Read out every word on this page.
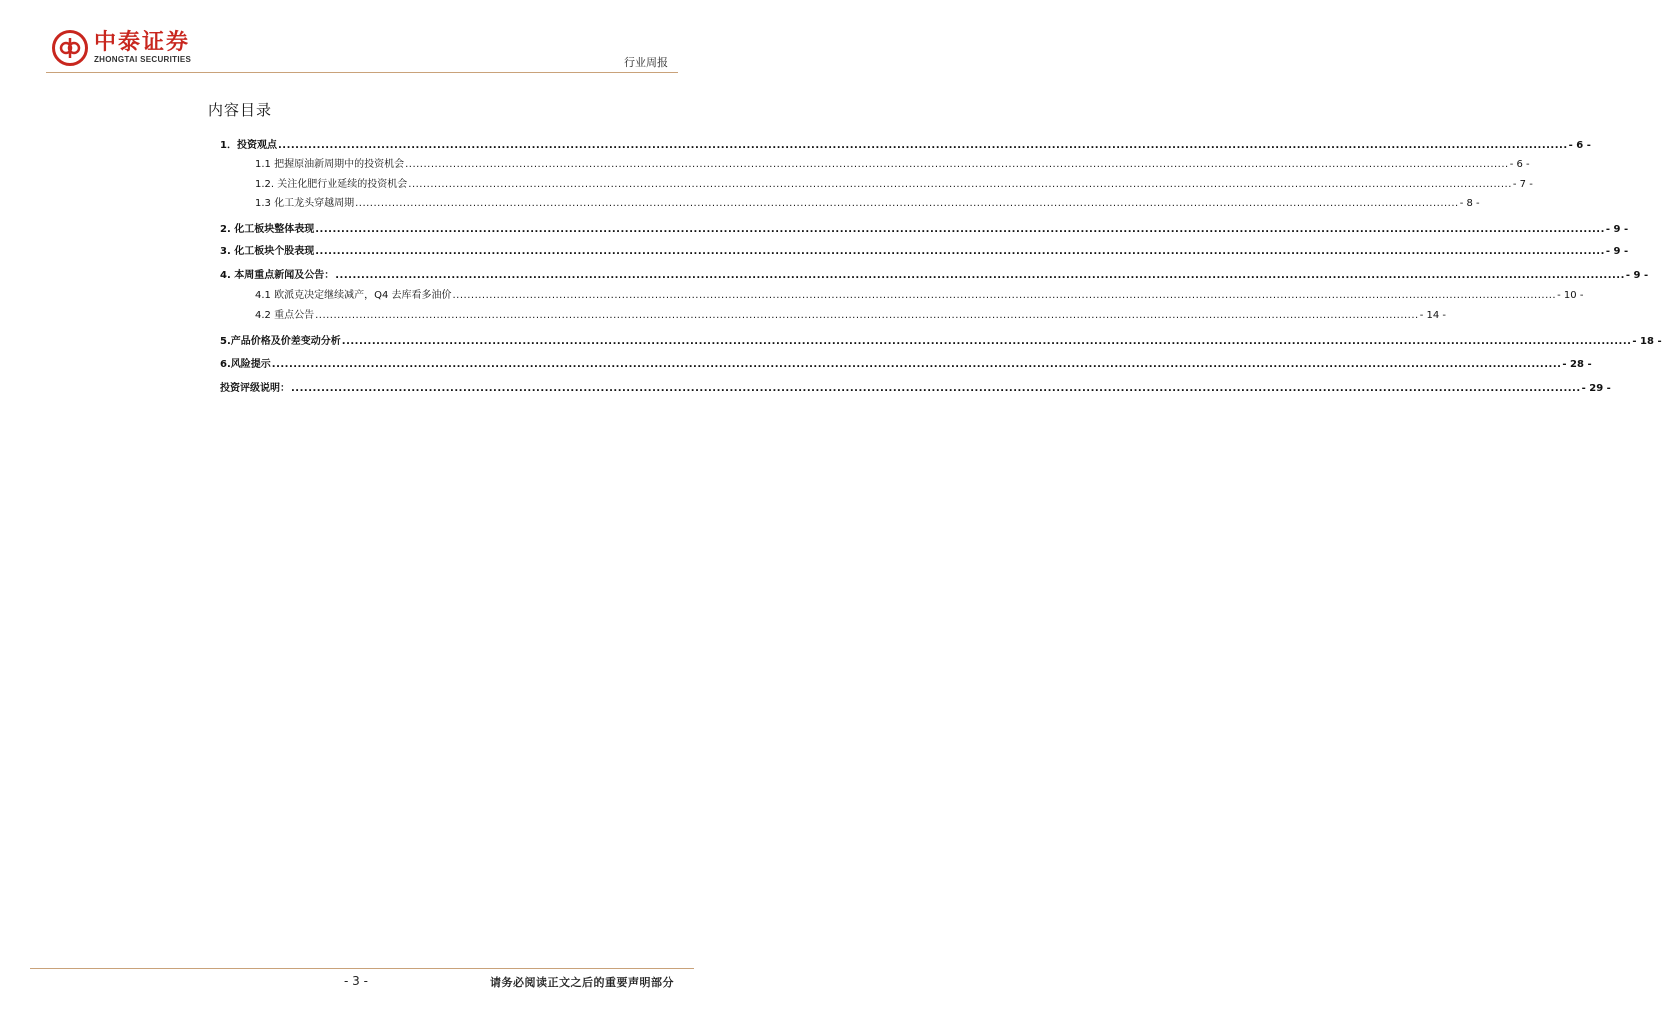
中泰证券
ZHONGTAI SECURITIES	行业周报
内容目录
1．投资观点 ............................................................................................................................................................................................................................................................................................................ - 6 -
1.1 把握原油新周期中的投资机会 ............................................................................................................................................................................................................................................................................................................ - 6 -
1.2. 关注化肥行业延续的投资机会 ............................................................................................................................................................................................................................................................................................................ - 7 -
1.3 化工龙头穿越周期 ............................................................................................................................................................................................................................................................................................................ - 8 -
2. 化工板块整体表现 ............................................................................................................................................................................................................................................................................................................ - 9 -
3. 化工板块个股表现 ............................................................................................................................................................................................................................................................................................................ - 9 -
4. 本周重点新闻及公告： ............................................................................................................................................................................................................................................................................................................ - 9 -
4.1 欧派克决定继续减产，Q4 去库看多油价 ............................................................................................................................................................................................................................................................................................................ - 10 -
4.2 重点公告 ............................................................................................................................................................................................................................................................................................................ - 14 -
5.产品价格及价差变动分析 ............................................................................................................................................................................................................................................................................................................ - 18 -
6.风险提示 ............................................................................................................................................................................................................................................................................................................ - 28 -
投资评级说明： ............................................................................................................................................................................................................................................................................................................ - 29 -
- 3 -	请务必阅读正文之后的重要声明部分
